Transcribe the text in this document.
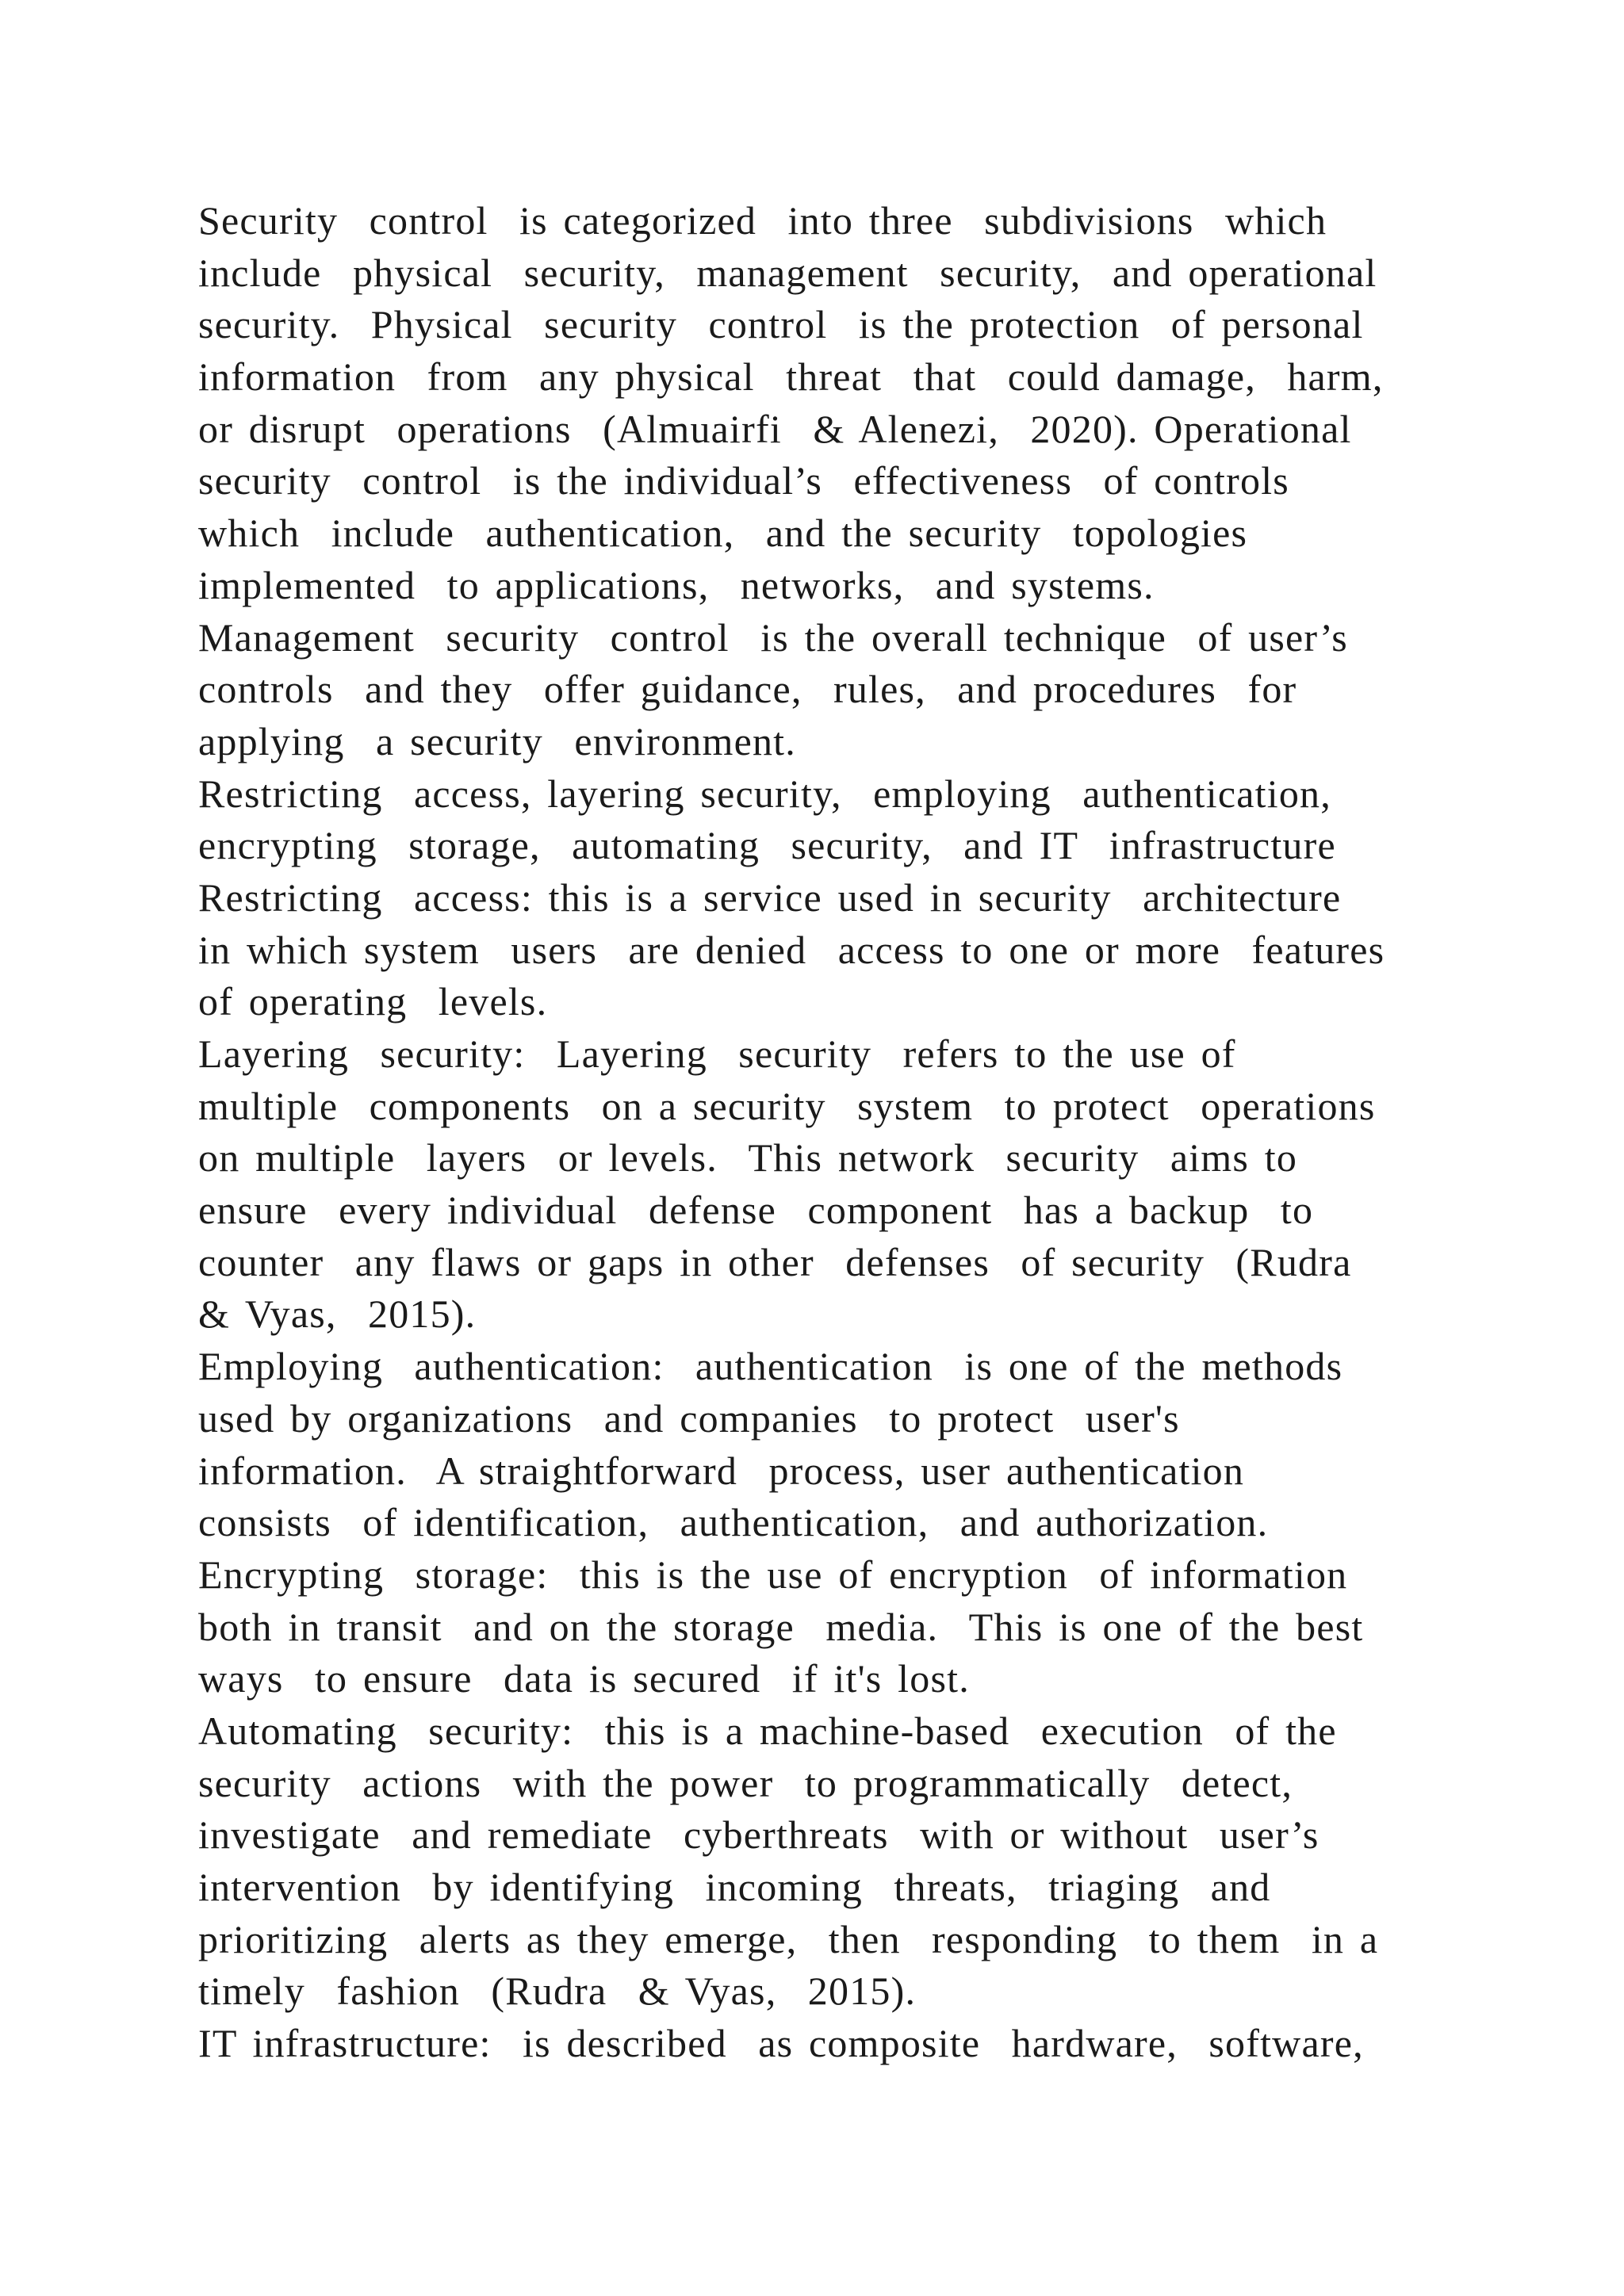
Security  control  is categorized  into three  subdivisions  which
include  physical  security,  management  security,  and operational
security.  Physical  security  control  is the protection  of personal
information  from  any physical  threat  that  could damage,  harm,
or disrupt  operations  (Almuairfi  & Alenezi,  2020). Operational
security  control  is the individual’s  effectiveness  of controls
which  include  authentication,  and the security  topologies
implemented  to applications,  networks,  and systems.
Management  security  control  is the overall technique  of user’s
controls  and they  offer guidance,  rules,  and procedures  for
applying  a security  environment.
Restricting  access, layering security,  employing  authentication,
encrypting  storage,  automating  security,  and IT  infrastructure
Restricting  access: this is a service used in security  architecture
in which system  users  are denied  access to one or more  features
of operating  levels.
Layering  security:  Layering  security  refers to the use of
multiple  components  on a security  system  to protect  operations
on multiple  layers  or levels.  This network  security  aims to
ensure  every individual  defense  component  has a backup  to
counter  any flaws or gaps in other  defenses  of security  (Rudra
& Vyas,  2015).
Employing  authentication:  authentication  is one of the methods
used by organizations  and companies  to protect  user's
information.  A straightforward  process, user authentication
consists  of identification,  authentication,  and authorization.
Encrypting  storage:  this is the use of encryption  of information
both in transit  and on the storage  media.  This is one of the best
ways  to ensure  data is secured  if it's lost.
Automating  security:  this is a machine-based  execution  of the
security  actions  with the power  to programmatically  detect,
investigate  and remediate  cyberthreats  with or without  user’s
intervention  by identifying  incoming  threats,  triaging  and
prioritizing  alerts as they emerge,  then  responding  to them  in a
timely  fashion  (Rudra  & Vyas,  2015).
IT infrastructure:  is described  as composite  hardware,  software,
